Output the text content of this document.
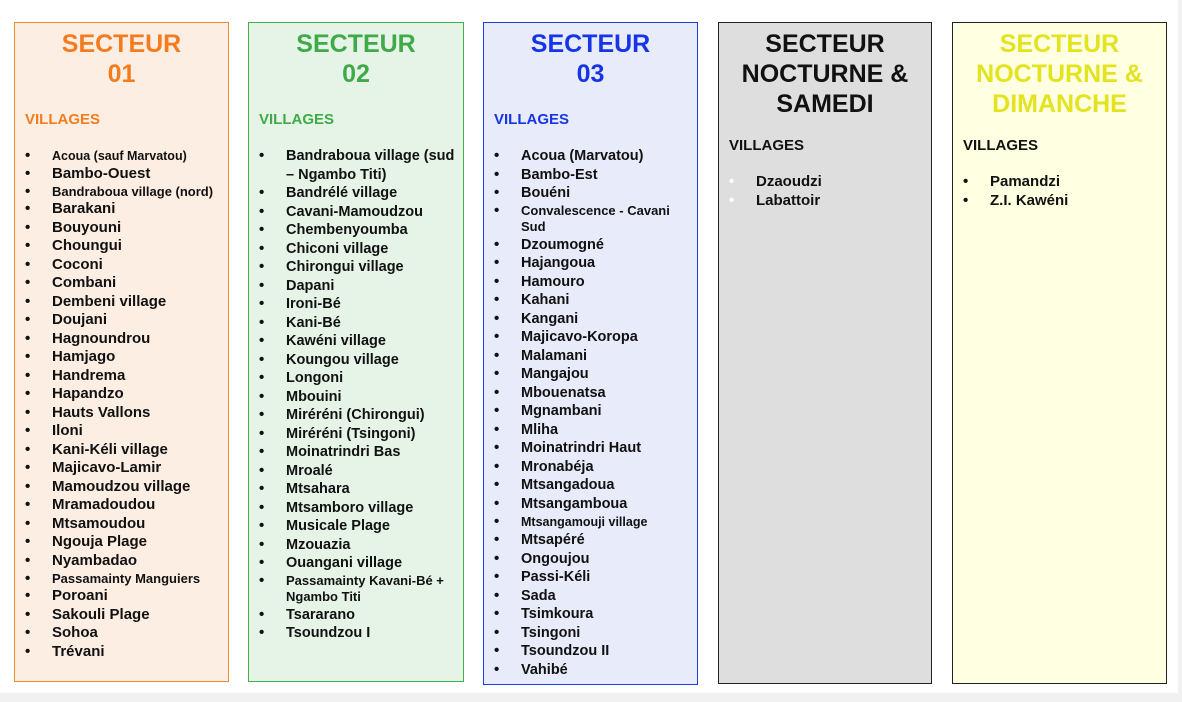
SECTEUR
01
VILLAGES
• Acoua (sauf Marvatou)
• Bambo-Ouest
• Bandraboua village (nord)
• Barakani
• Bouyouni
• Choungui
• Coconi
• Combani
• Dembeni village
• Doujani
• Hagnoundrou
• Hamjago
• Handrema
• Hapandzo
• Hauts Vallons
• Iloni
• Kani-Kéli village
• Majicavo-Lamir
• Mamoudzou village
• Mramadoudou
• Mtsamoudou
• Ngouja Plage
• Nyambadao
• Passamainty Manguiers
• Poroani
• Sakouli Plage
• Sohoa
• Trévani
SECTEUR
02
VILLAGES
• Bandraboua village (sud – Ngambo Titi)
• Bandrélé village
• Cavani-Mamoudzou
• Chembenyoumba
• Chiconi village
• Chirongui village
• Dapani
• Ironi-Bé
• Kani-Bé
• Kawéni village
• Koungou village
• Longoni
• Mbouini
• Miréréni (Chirongui)
• Miréréni (Tsingoni)
• Moinatrindri Bas
• Mroalé
• Mtsahara
• Mtsamboro village
• Musicale Plage
• Mzouazia
• Ouangani village
• Passamainty Kavani-Bé + Ngambo Titi
• Tsararano
• Tsoundzou I
SECTEUR
03
VILLAGES
• Acoua (Marvatou)
• Bambo-Est
• Bouéni
• Convalescence - Cavani Sud
• Dzoumogné
• Hajangoua
• Hamouro
• Kahani
• Kangani
• Majicavo-Koropa
• Malamani
• Mangajou
• Mbouenatsa
• Mgnambani
• Mliha
• Moinatrindri Haut
• Mronabéja
• Mtsangadoua
• Mtsangamboua
• Mtsangamouji village
• Mtsapéré
• Ongoujou
• Passi-Kéli
• Sada
• Tsimkoura
• Tsingoni
• Tsoundzou II
• Vahibé
SECTEUR
NOCTURNE &
SAMEDI
VILLAGES
• Dzaoudzi
• Labattoir
SECTEUR
NOCTURNE &
DIMANCHE
VILLAGES
• Pamandzi
• Z.I. Kawéni
